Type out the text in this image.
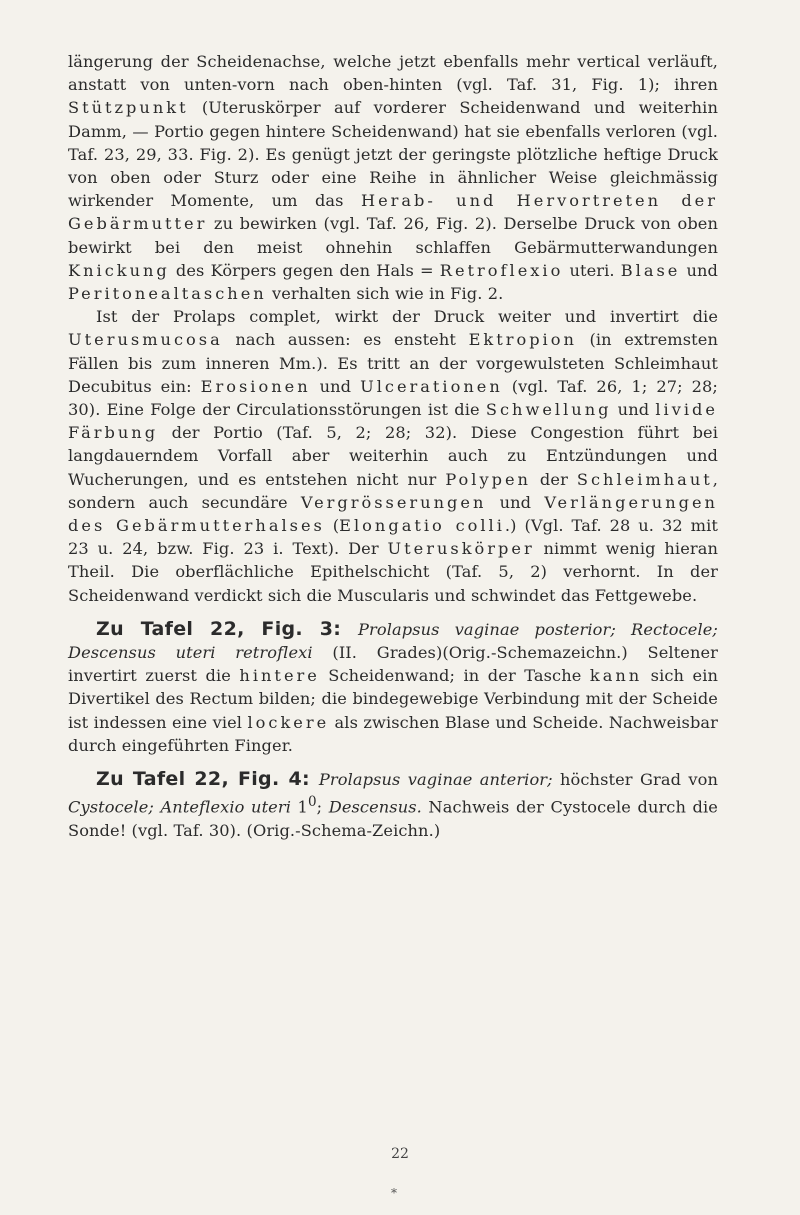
längerung der Scheidenachse, welche jetzt ebenfalls mehr vertical verläuft, anstatt von unten-vorn nach oben-hinten (vgl. Taf. 31, Fig. 1); ihren Stützpunkt (Uteruskörper auf vorderer Scheidenwand und weiterhin Damm, — Portio gegen hintere Scheidenwand) hat sie ebenfalls verloren (vgl. Taf. 23, 29, 33. Fig. 2). Es genügt jetzt der geringste plötzliche heftige Druck von oben oder Sturz oder eine Reihe in ähnlicher Weise gleichmässig wirkender Momente, um das Herab- und Hervortreten der Gebärmutter zu bewirken (vgl. Taf. 26, Fig. 2). Derselbe Druck von oben bewirkt bei den meist ohnehin schlaffen Gebärmutterwandungen Knickung des Körpers gegen den Hals = Retroflexio uteri. Blase und Peritonealtaschen verhalten sich wie in Fig. 2.

Ist der Prolaps complet, wirkt der Druck weiter und invertirt die Uterusmucosa nach aussen: es ensteht Ektropion (in extremsten Fällen bis zum inneren Mm.). Es tritt an der vorgewulsteten Schleimhaut Decubitus ein: Erosionen und Ulcerationen (vgl. Taf. 26, 1; 27; 28; 30). Eine Folge der Circulationsstörungen ist die Schwellung und livide Färbung der Portio (Taf. 5, 2; 28; 32). Diese Congestion führt bei langdauerndem Vorfall aber weiterhin auch zu Entzündungen und Wucherungen, und es entstehen nicht nur Polypen der Schleimhaut, sondern auch secundäre Vergrösserungen und Verlängerungen des Gebärmutterhalses (Elongatio colli.) (Vgl. Taf. 28 u. 32 mit 23 u. 24, bzw. Fig. 23 i. Text). Der Uteruskörper nimmt wenig hieran Theil. Die oberflächliche Epithelschicht (Taf. 5, 2) verhornt. In der Scheidenwand verdickt sich die Muscularis und schwindet das Fettgewebe.

Zu Tafel 22, Fig. 3: Prolapsus vaginae posterior; Rectocele; Descensus uteri retroflexi (II. Grades)(Orig.-Schemazeichn.) Seltener invertirt zuerst die hintere Scheidenwand; in der Tasche kann sich ein Divertikel des Rectum bilden; die bindegewebige Verbindung mit der Scheide ist indessen eine viel lockere als zwischen Blase und Scheide. Nachweisbar durch eingeführten Finger.

Zu Tafel 22, Fig. 4: Prolapsus vaginae anterior; höchster Grad von Cystocele; Anteflexio uteri $1^0$; Descensus. Nachweis der Cystocele durch die Sonde! (vgl. Taf. 30). (Orig.-Schema-Zeichn.)

22
*
